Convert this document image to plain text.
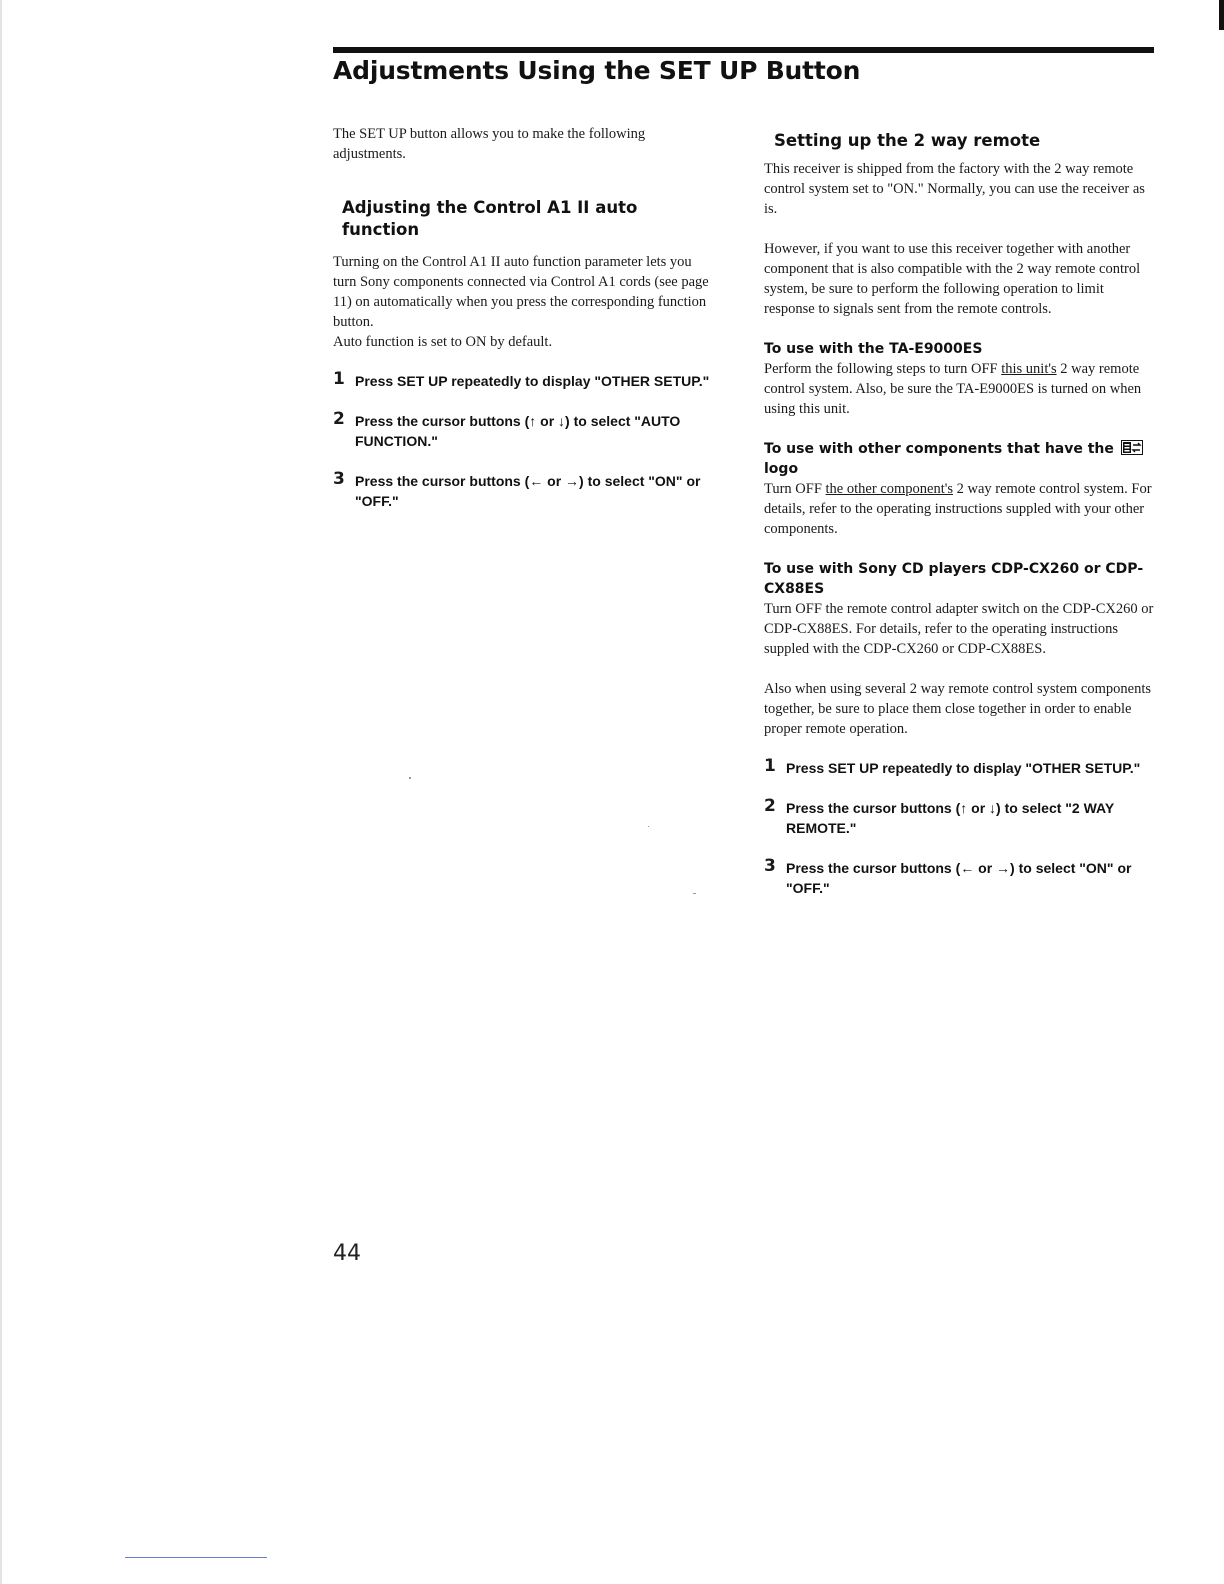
Adjustments Using the SET UP Button

The SET UP button allows you to make the following adjustments.

Adjusting the Control A1 II auto function

Turning on the Control A1 II auto function parameter lets you turn Sony components connected via Control A1 cords (see page 11) on automatically when you press the corresponding function button.

Auto function is set to ON by default.

1 Press SET UP repeatedly to display "OTHER SETUP."
2 Press the cursor buttons (↑ or ↓) to select "AUTO FUNCTION."
3 Press the cursor buttons (← or →) to select "ON" or "OFF."
Setting up the 2 way remote

This receiver is shipped from the factory with the 2 way remote control system set to "ON." Normally, you can use the receiver as is.

However, if you want to use this receiver together with another component that is also compatible with the 2 way remote control system, be sure to perform the following operation to limit response to signals sent from the remote controls.

To use with the TA-E9000ES

Perform the following steps to turn OFF this unit's 2 way remote control system. Also, be sure the TA-E9000ES is turned on when using this unit.

To use with other components that have the
logo

Turn OFF the other component's 2 way remote control system. For details, refer to the operating instructions suppled with your other components.

To use with Sony CD players CDP-CX260 or CDP-CX88ES

Turn OFF the remote control adapter switch on the CDP-CX260 or CDP-CX88ES. For details, refer to the operating instructions suppled with the CDP-CX260 or CDP-CX88ES.

Also when using several 2 way remote control system components together, be sure to place them close together in order to enable proper remote operation.

1 Press SET UP repeatedly to display "OTHER SETUP."
2 Press the cursor buttons (↑ or ↓) to select "2 WAY REMOTE."
3 Press the cursor buttons (← or →) to select "ON" or "OFF."
44
